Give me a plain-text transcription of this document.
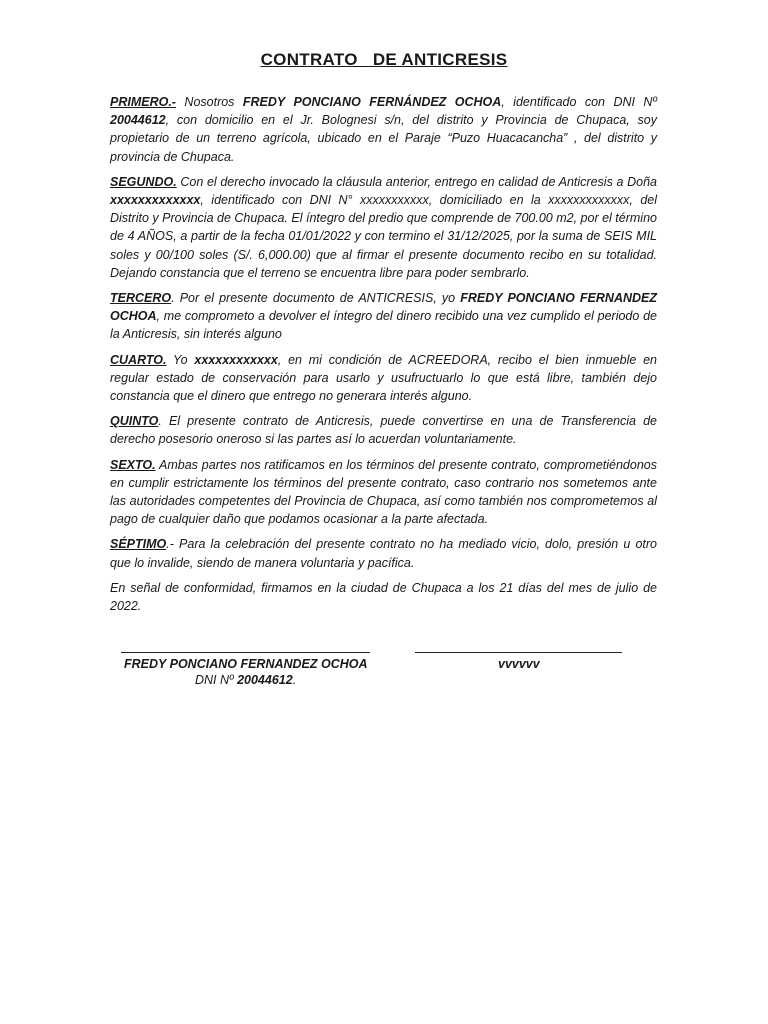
CONTRATO   DE ANTICRESIS

PRIMERO.- Nosotros FREDY PONCIANO FERNÁNDEZ OCHOA, identificado con DNI Nº 20044612, con domicilio en el Jr. Bolognesi s/n, del distrito y Provincia de Chupaca, soy propietario de un terreno agrícola, ubicado en el Paraje “Puzo Huacacancha” , del distrito y provincia de Chupaca.

SEGUNDO. Con el derecho invocado la cláusula anterior, entrego en calidad de Anticresis a Doña xxxxxxxxxxxxx, identificado con DNI N° xxxxxxxxxxx, domiciliado en la xxxxxxxxxxxxx, del Distrito y Provincia de Chupaca. El íntegro del predio que comprende de 700.00 m2, por el término de 4 AÑOS, a partir de la fecha 01/01/2022 y con termino el 31/12/2025, por la suma de SEIS MIL soles y 00/100 soles (S/. 6,000.00) que al firmar el presente documento recibo en su totalidad. Dejando constancia que el terreno se encuentra libre para poder sembrarlo.

TERCERO. Por el presente documento de ANTICRESIS, yo FREDY PONCIANO FERNANDEZ OCHOA, me comprometo a devolver el íntegro del dinero recibido una vez cumplido el periodo de la Anticresis, sin interés alguno

CUARTO. Yo xxxxxxxxxxxx, en mi condición de ACREEDORA, recibo el bien inmueble en regular estado de conservación para usarlo y usufructuarlo lo que está libre, también dejo constancia que el dinero que entrego no generara interés alguno.

QUINTO. El presente contrato de Anticresis, puede convertirse en una de Transferencia de derecho posesorio oneroso si las partes así lo acuerdan voluntariamente.

SEXTO. Ambas partes nos ratificamos en los términos del presente contrato, comprometiéndonos en cumplir estrictamente los términos del presente contrato, caso contrario nos sometemos ante las autoridades competentes del Provincia de Chupaca, así como también nos comprometemos al pago de cualquier daño que podamos ocasionar a la parte afectada.

SÉPTIMO.- Para la celebración del presente contrato no ha mediado vicio, dolo, presión u otro que lo invalide, siendo de manera voluntaria y pacífica.

En señal de conformidad, firmamos en la ciudad de Chupaca a los 21 días del mes de julio de 2022.

FREDY PONCIANO FERNANDEZ OCHOA
DNI Nº 20044612.
vvvvvv
